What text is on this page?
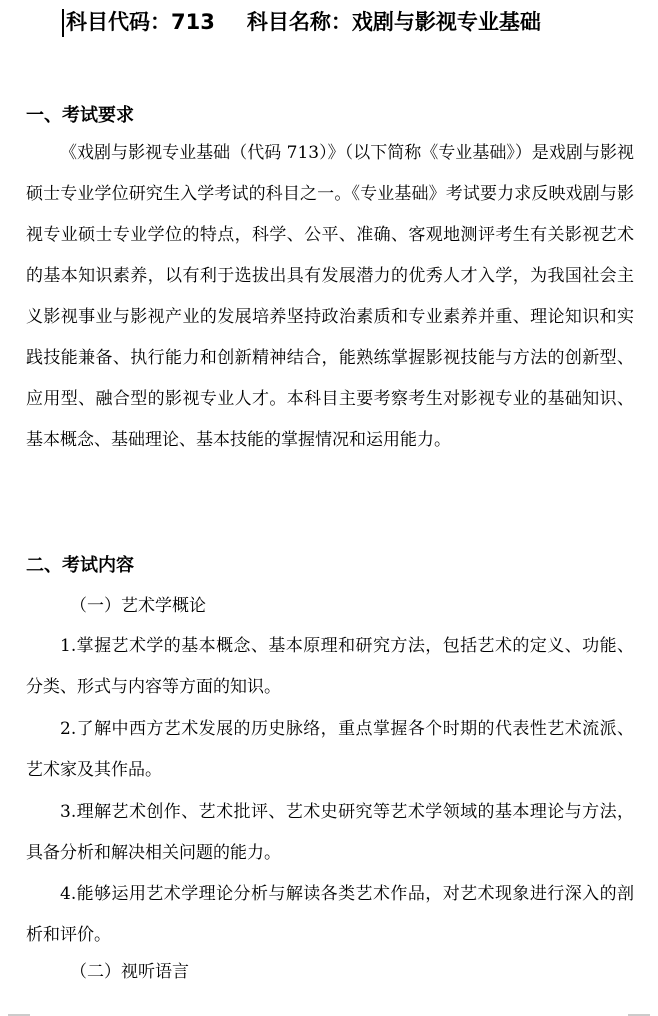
科目代码：713 科目名称：戏剧与影视专业基础
一、考试要求
《戏剧与影视专业基础（代码 713）》（以下简称《专业基础》）是戏剧与影视硕士专业学位研究生入学考试的科目之一。《专业基础》考试要力求反映戏剧与影视专业硕士专业学位的特点，科学、公平、准确、客观地测评考生有关影视艺术的基本知识素养，以有利于选拔出具有发展潜力的优秀人才入学，为我国社会主义影视事业与影视产业的发展培养坚持政治素质和专业素养并重、理论知识和实践技能兼备、执行能力和创新精神结合，能熟练掌握影视技能与方法的创新型、应用型、融合型的影视专业人才。本科目主要考察考生对影视专业的基础知识、基本概念、基础理论、基本技能的掌握情况和运用能力。
二、考试内容
（一）艺术学概论
1.掌握艺术学的基本概念、基本原理和研究方法，包括艺术的定义、功能、分类、形式与内容等方面的知识。
2.了解中西方艺术发展的历史脉络，重点掌握各个时期的代表性艺术流派、艺术家及其作品。
3.理解艺术创作、艺术批评、艺术史研究等艺术学领域的基本理论与方法，具备分析和解决相关问题的能力。
4.能够运用艺术学理论分析与解读各类艺术作品，对艺术现象进行深入的剖析和评价。
（二）视听语言
